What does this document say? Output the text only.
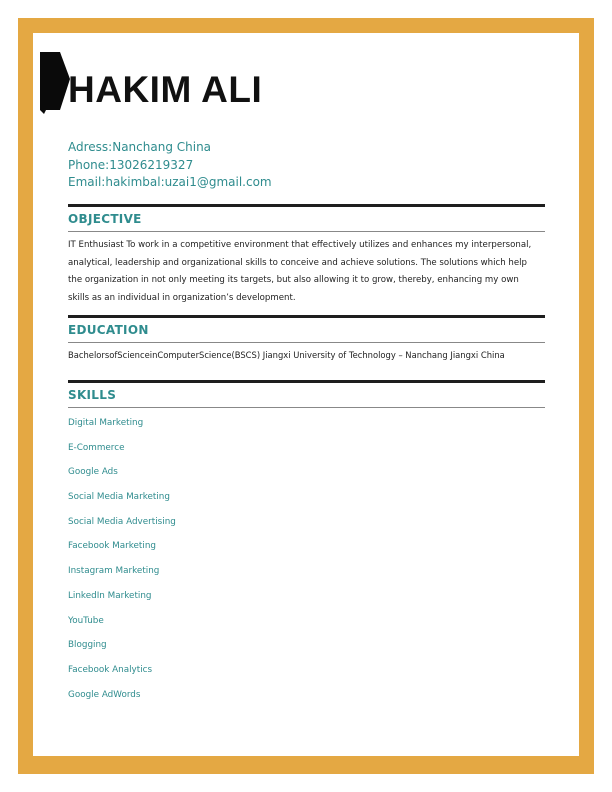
HAKIM ALI
Adress:Nanchang China
Phone:13026219327
Email:hakimbal:uzai1@gmail.com
OBJECTIVE
IT Enthusiast To work in a competitive environment that effectively utilizes and enhances my interpersonal, analytical, leadership and organizational skills to conceive and achieve solutions. The solutions which help the organization in not only meeting its targets, but also allowing it to grow, thereby, enhancing my own skills as an individual in organization’s development.
EDUCATION
BachelorsofScienceinComputerScience(BSCS) Jiangxi University of Technology – Nanchang Jiangxi China
SKILLS
Digital Marketing
E-Commerce
Google Ads
Social Media Marketing
Social Media Advertising
Facebook Marketing
Instagram Marketing
LinkedIn Marketing
YouTube
Blogging
Facebook Analytics
Google AdWords
